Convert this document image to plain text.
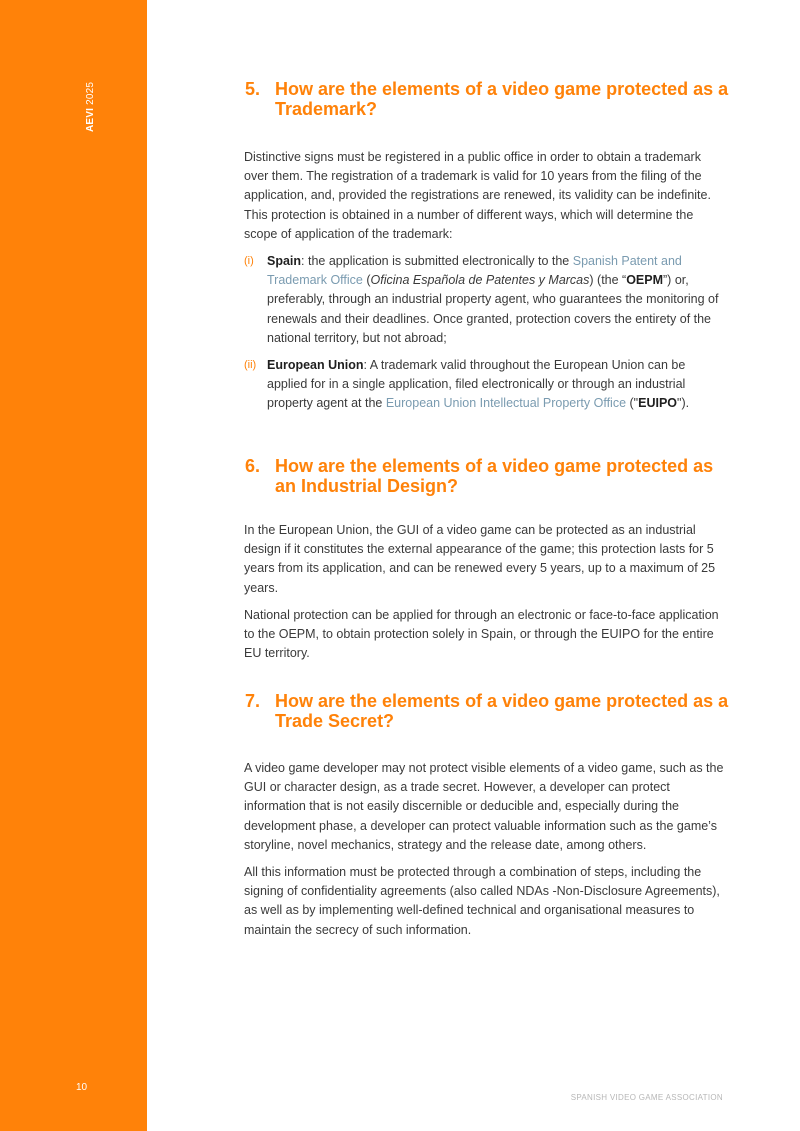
AEVI 2025
10
5. How are the elements of a video game protected as a Trademark?

Distinctive signs must be registered in a public office in order to obtain a trademark over them. The registration of a trademark is valid for 10 years from the filing of the application, and, provided the registrations are renewed, its validity can be indefinite. This protection is obtained in a number of different ways, which will determine the scope of application of the trademark:

(i) Spain: the application is submitted electronically to the Spanish Patent and Trademark Office (Oficina Española de Patentes y Marcas) (the “OEPM”) or, preferably, through an industrial property agent, who guarantees the monitoring of renewals and their deadlines. Once granted, protection covers the entirety of the national territory, but not abroad;
(ii) European Union: A trademark valid throughout the European Union can be applied for in a single application, filed electronically or through an industrial property agent at the European Union Intellectual Property Office ("EUIPO").
6. How are the elements of a video game protected as an Industrial Design?

In the European Union, the GUI of a video game can be protected as an industrial design if it constitutes the external appearance of the game; this protection lasts for 5 years from its application, and can be renewed every 5 years, up to a maximum of 25 years.

National protection can be applied for through an electronic or face-to-face application to the OEPM, to obtain protection solely in Spain, or through the EUIPO for the entire EU territory.

7. How are the elements of a video game protected as a Trade Secret?

A video game developer may not protect visible elements of a video game, such as the GUI or character design, as a trade secret. However, a developer can protect information that is not easily discernible or deducible and, especially during the development phase, a developer can protect valuable information such as the game’s storyline, novel mechanics, strategy and the release date, among others.

All this information must be protected through a combination of steps, including the signing of confidentiality agreements (also called NDAs -Non-Disclosure Agreements), as well as by implementing well-defined technical and organisational measures to maintain the secrecy of such information.

SPANISH VIDEO GAME ASSOCIATION
